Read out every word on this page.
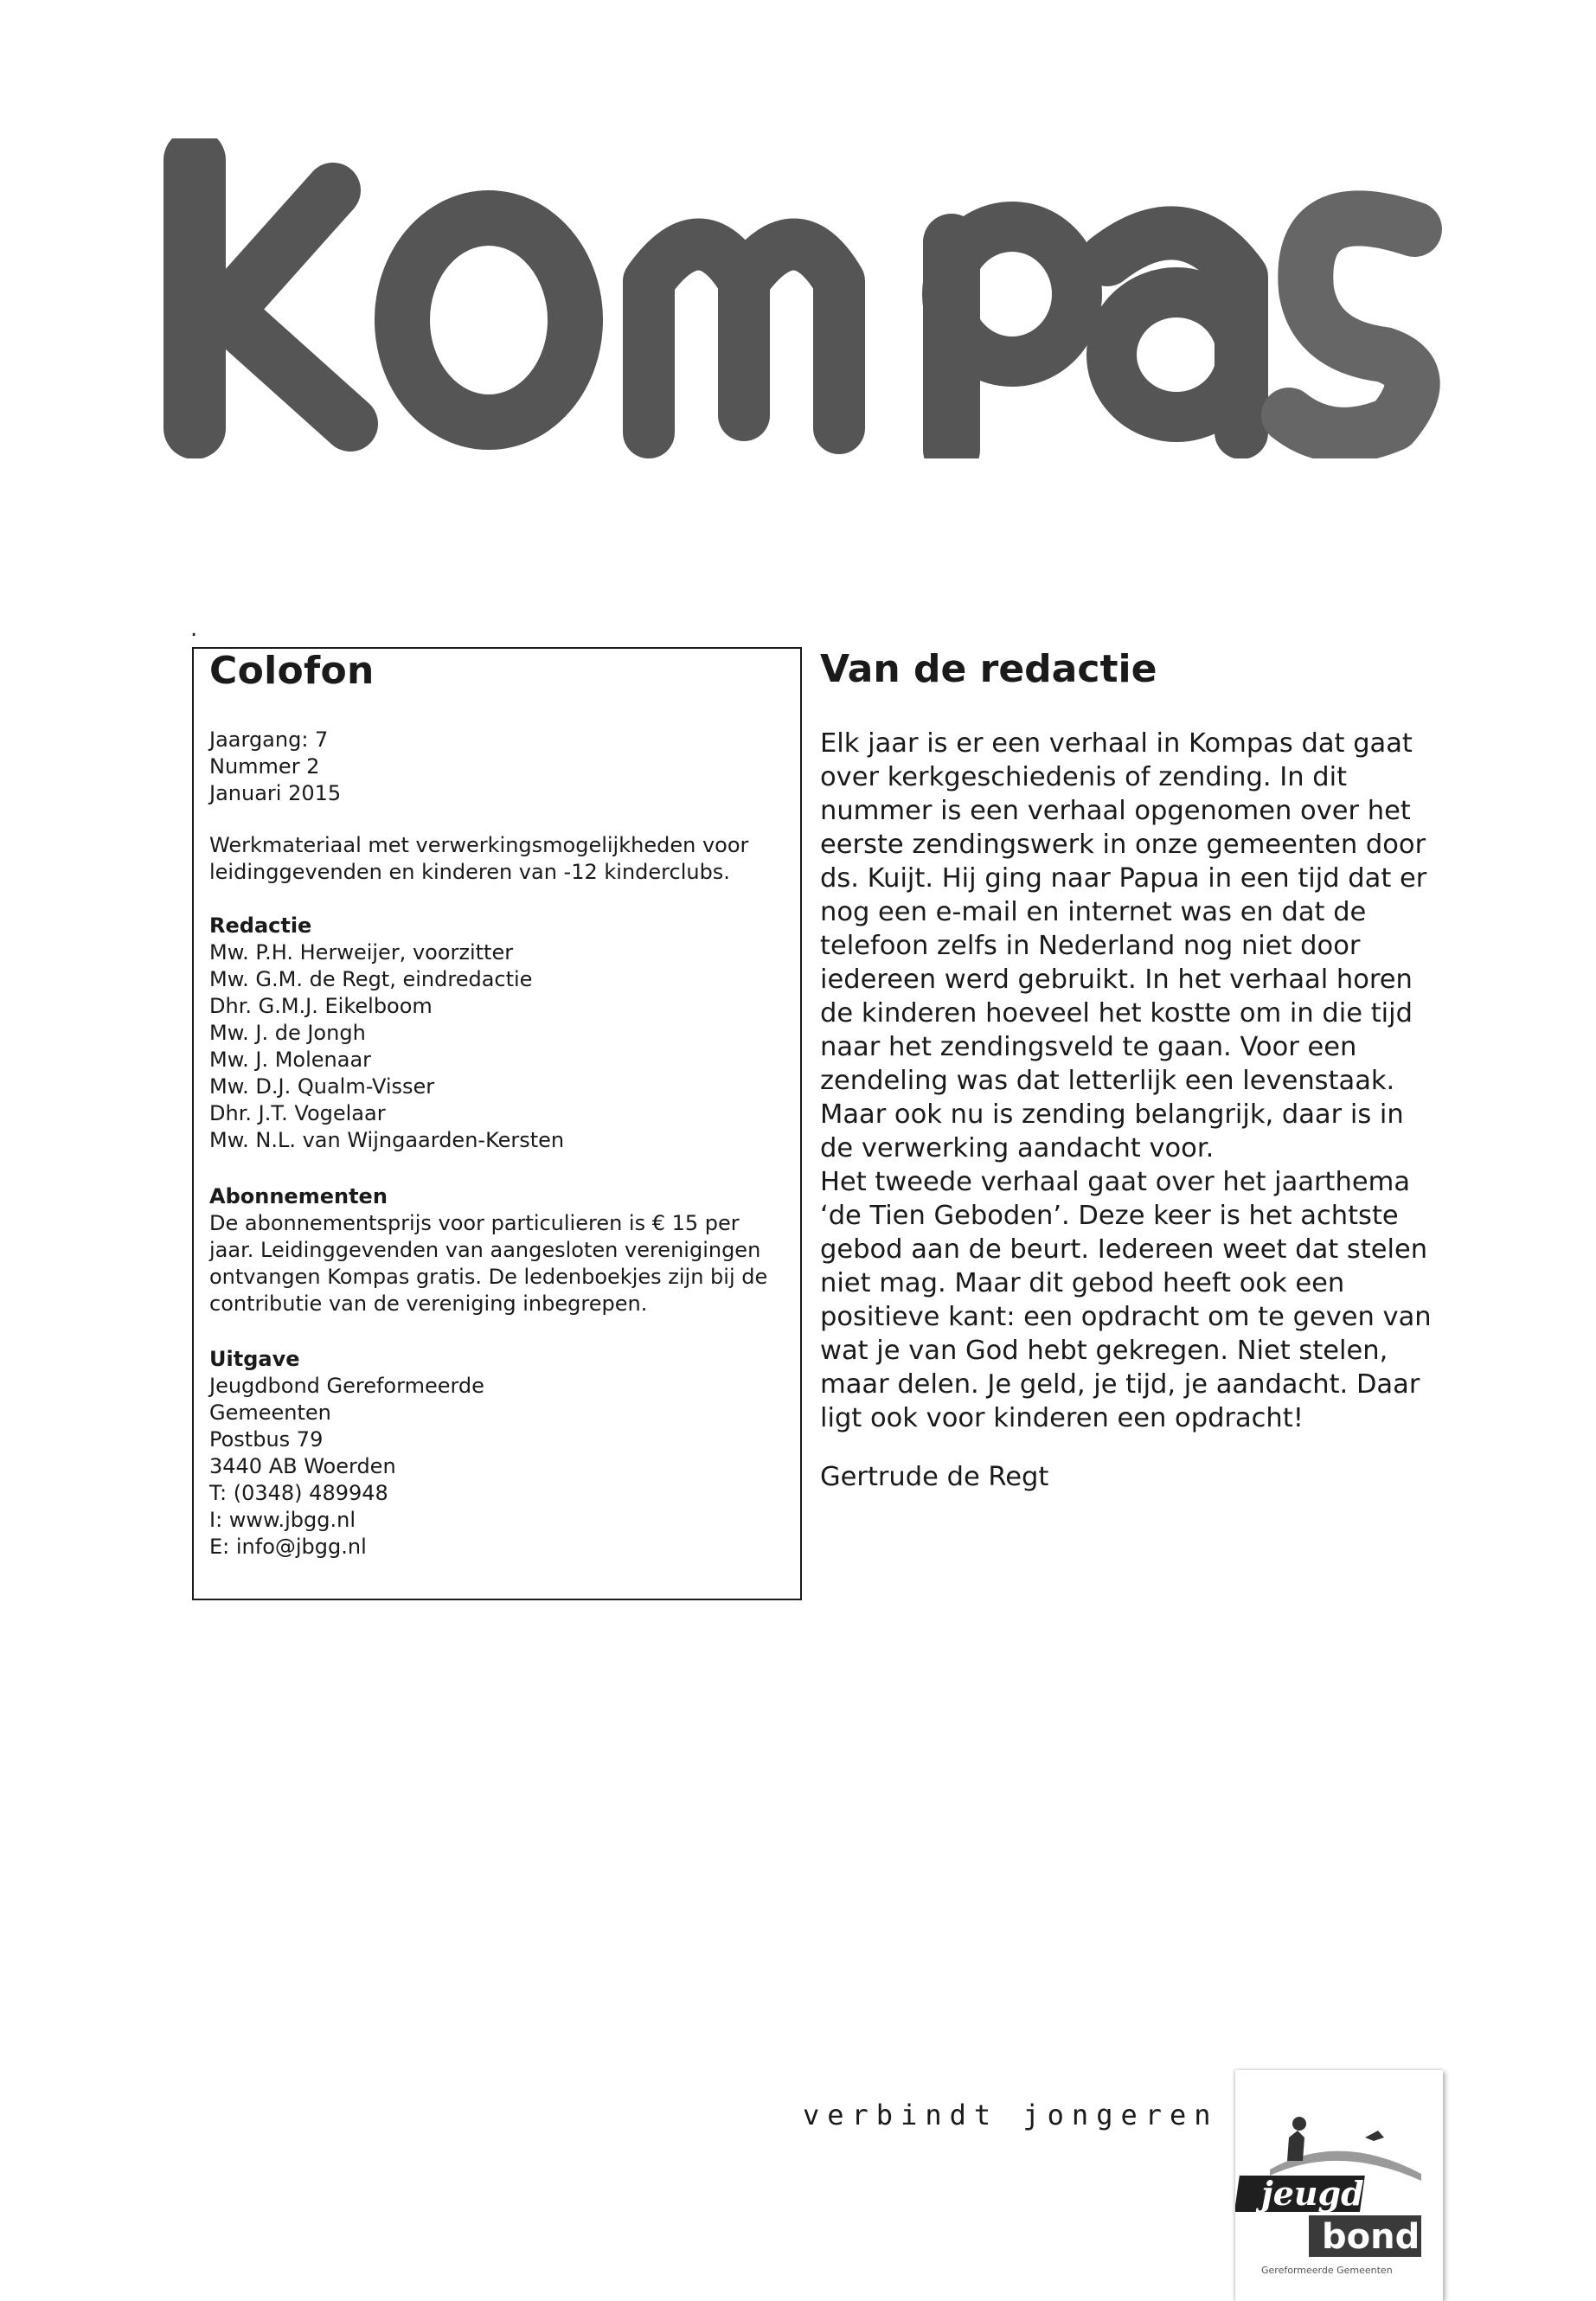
.
Colofon
Jaargang: 7
Nummer 2
Januari 2015
Werkmateriaal met verwerkingsmogelijkheden voor
leidinggevenden en kinderen van -12 kinderclubs.
Redactie
Mw. P.H. Herweijer, voorzitter
Mw. G.M. de Regt, eindredactie
Dhr. G.M.J. Eikelboom
Mw. J. de Jongh
Mw. J. Molenaar
Mw. D.J. Qualm-Visser
Dhr. J.T. Vogelaar
Mw. N.L. van Wijngaarden-Kersten
Abonnementen
De abonnementsprijs voor particulieren is € 15 per
jaar. Leidinggevenden van aangesloten verenigingen
ontvangen Kompas gratis. De ledenboekjes zijn bij de
contributie van de vereniging inbegrepen.
Uitgave
Jeugdbond Gereformeerde
Gemeenten
Postbus 79
3440 AB Woerden
T: (0348) 489948
I: www.jbgg.nl
E: info@jbgg.nl
Van de redactie
Elk jaar is er een verhaal in Kompas dat gaat
over kerkgeschiedenis of zending. In dit
nummer is een verhaal opgenomen over het
eerste zendingswerk in onze gemeenten door
ds. Kuijt. Hij ging naar Papua in een tijd dat er
nog een e-mail en internet was en dat de
telefoon zelfs in Nederland nog niet door
iedereen werd gebruikt. In het verhaal horen
de kinderen hoeveel het kostte om in die tijd
naar het zendingsveld te gaan. Voor een
zendeling was dat letterlijk een levenstaak.
Maar ook nu is zending belangrijk, daar is in
de verwerking aandacht voor.
Het tweede verhaal gaat over het jaarthema
‘de Tien Geboden’. Deze keer is het achtste
gebod aan de beurt. Iedereen weet dat stelen
niet mag. Maar dit gebod heeft ook een
positieve kant: een opdracht om te geven van
wat je van God hebt gekregen. Niet stelen,
maar delen. Je geld, je tijd, je aandacht. Daar
ligt ook voor kinderen een opdracht!
Gertrude de Regt
verbindt jongeren
jeugd
bond
Gereformeerde Gemeenten
